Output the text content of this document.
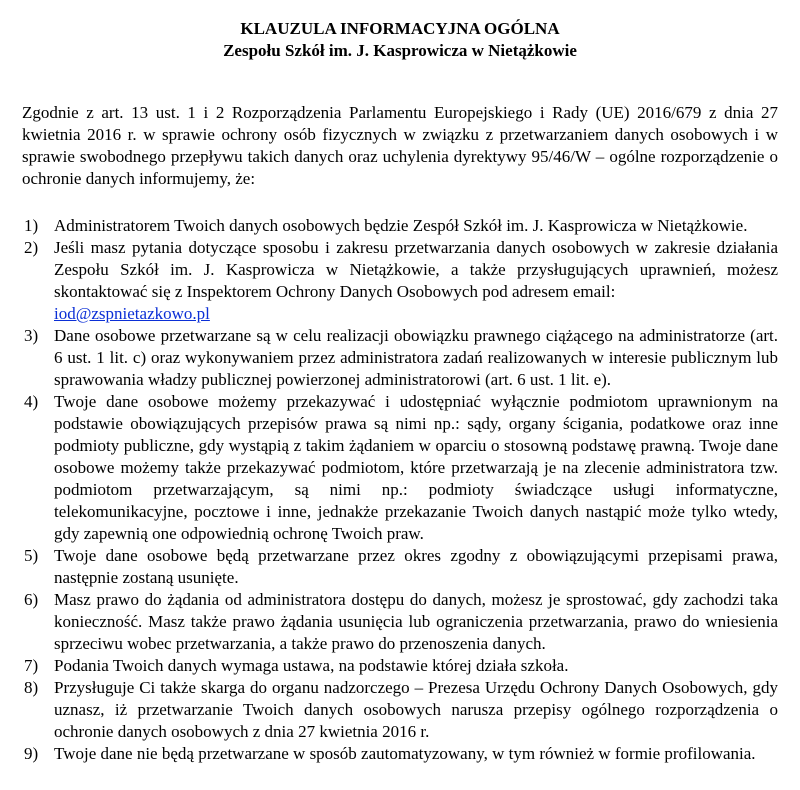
KLAUZULA INFORMACYJNA OGÓLNA

Zespołu Szkół im. J. Kasprowicza w Nietążkowie

Zgodnie z art. 13 ust. 1 i 2 Rozporządzenia Parlamentu Europejskiego i Rady (UE) 2016/679 z dnia 27 kwietnia 2016 r. w sprawie ochrony osób fizycznych w związku z przetwarzaniem danych osobowych i w sprawie swobodnego przepływu takich danych oraz uchylenia dyrektywy 95/46/W – ogólne rozporządzenie o ochronie danych informujemy, że:

1) Administratorem Twoich danych osobowych będzie Zespół Szkół im. J. Kasprowicza w Nietążkowie.
2) Jeśli masz pytania dotyczące sposobu i zakresu przetwarzania danych osobowych w zakresie działania Zespołu Szkół im. J. Kasprowicza w Nietążkowie, a także przysługujących uprawnień, możesz skontaktować się z Inspektorem Ochrony Danych Osobowych pod adresem email:
iod@zspnietazkowo.pl
3) Dane osobowe przetwarzane są w celu realizacji obowiązku prawnego ciążącego na administratorze (art. 6 ust. 1 lit. c) oraz wykonywaniem przez administratora zadań realizowanych w interesie publicznym lub sprawowania władzy publicznej powierzonej administratorowi (art. 6 ust. 1 lit. e).
4) Twoje dane osobowe możemy przekazywać i udostępniać wyłącznie podmiotom uprawnionym na podstawie obowiązujących przepisów prawa są nimi np.: sądy, organy ścigania, podatkowe oraz inne podmioty publiczne, gdy wystąpią z takim żądaniem w oparciu o stosowną podstawę prawną. Twoje dane osobowe możemy także przekazywać podmiotom, które przetwarzają je na zlecenie administratora tzw. podmiotom przetwarzającym, są nimi np.: podmioty świadczące usługi informatyczne, telekomunikacyjne, pocztowe i inne, jednakże przekazanie Twoich danych nastąpić może tylko wtedy, gdy zapewnią one odpowiednią ochronę Twoich praw.
5) Twoje dane osobowe będą przetwarzane przez okres zgodny z obowiązującymi przepisami prawa, następnie zostaną usunięte.
6) Masz prawo do żądania od administratora dostępu do danych, możesz je sprostować, gdy zachodzi taka konieczność. Masz także prawo żądania usunięcia lub ograniczenia przetwarzania, prawo do wniesienia sprzeciwu wobec przetwarzania, a także prawo do przenoszenia danych.
7) Podania Twoich danych wymaga ustawa, na podstawie której działa szkoła.
8) Przysługuje Ci także skarga do organu nadzorczego – Prezesa Urzędu Ochrony Danych Osobowych, gdy uznasz, iż przetwarzanie Twoich danych osobowych narusza przepisy ogólnego rozporządzenia o ochronie danych osobowych z dnia 27 kwietnia 2016 r.
9) Twoje dane nie będą przetwarzane w sposób zautomatyzowany, w tym również w formie profilowania.
